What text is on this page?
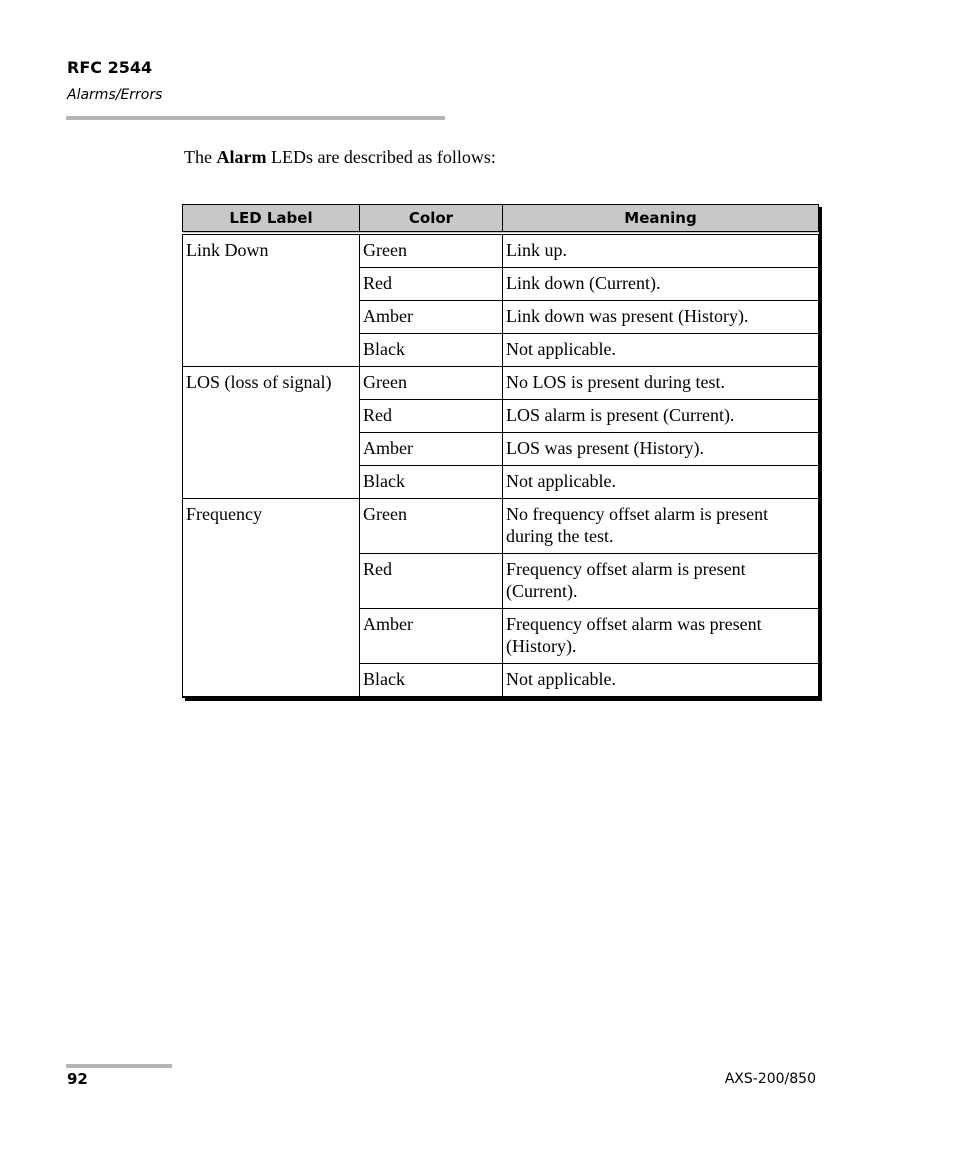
RFC 2544
Alarms/Errors

The Alarm LEDs are described as follows:

LED Label	Color	Meaning
Link Down	Green	Link up.
	Red	Link down (Current).
	Amber	Link down was present (History).
	Black	Not applicable.
LOS (loss of signal)	Green	No LOS is present during test.
	Red	LOS alarm is present (Current).
	Amber	LOS was present (History).
	Black	Not applicable.
Frequency	Green	No frequency offset alarm is present during the test.
	Red	Frequency offset alarm is present (Current).
	Amber	Frequency offset alarm was present (History).
	Black	Not applicable.
92	AXS-200/850
